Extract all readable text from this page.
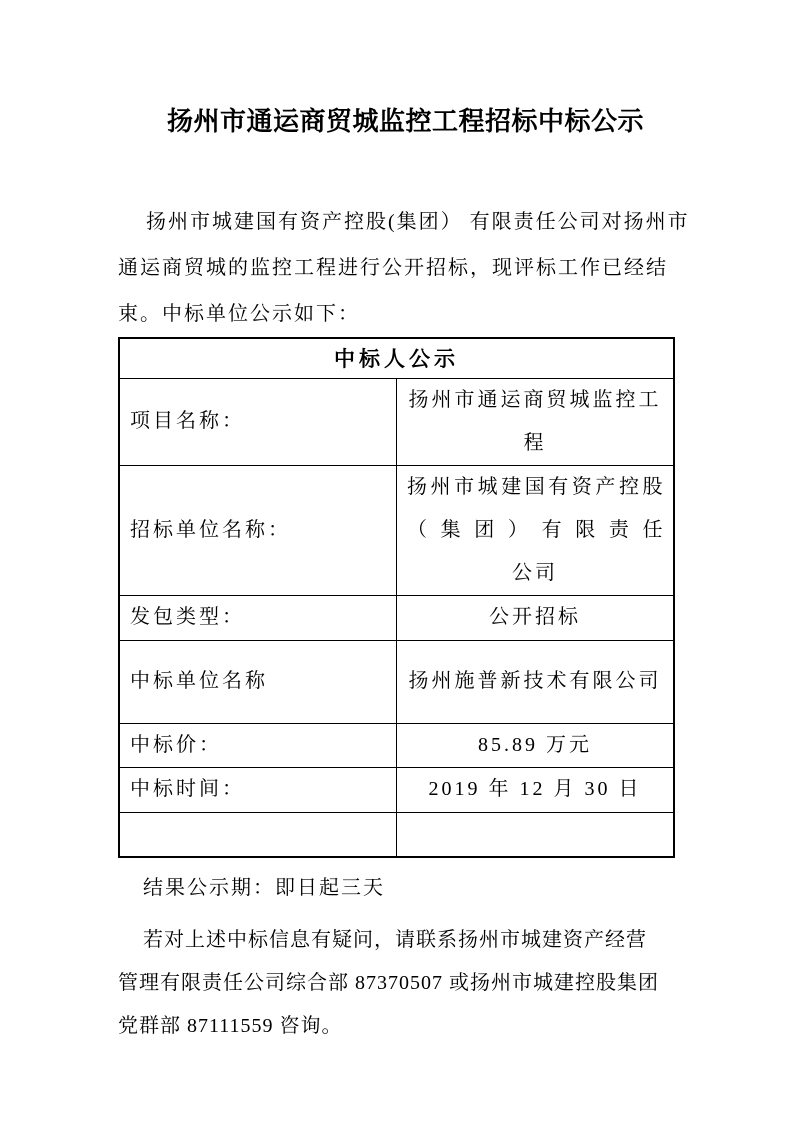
扬州市通运商贸城监控工程招标中标公示
扬州市城建国有资产控股(集团） 有限责任公司对扬州市
通运商贸城的监控工程进行公开招标，现评标工作已经结
束。中标单位公示如下：
中标人公示	
项目名称：	扬州市通运商贸城监控工程
招标单位名称：	扬州市城建国有资产控股（集团）有限责任
公司

发包类型：	公开招标
中标单位名称	扬州施普新技术有限公司
中标价：	85.89 万元
中标时间：	2019 年 12 月 30 日

结果公示期：即日起三天
若对上述中标信息有疑问，请联系扬州市城建资产经营
管理有限责任公司综合部 87370507 或扬州市城建控股集团
党群部 87111559 咨询。
